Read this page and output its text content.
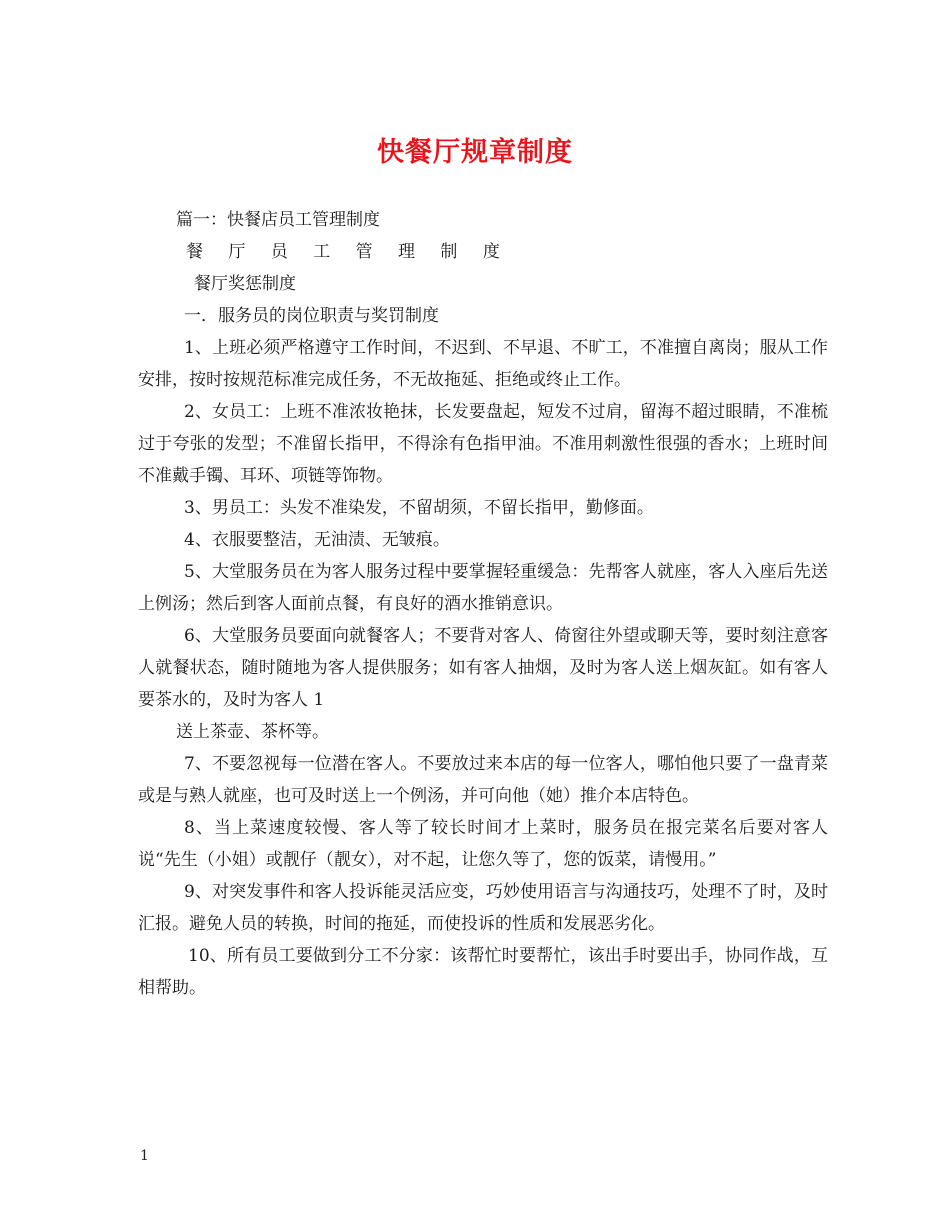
快餐厅规章制度

篇一：快餐店员工管理制度

餐 厅 员 工 管 理 制 度

餐厅奖惩制度

一．服务员的岗位职责与奖罚制度

1、上班必须严格遵守工作时间，不迟到、不早退、不旷工，不准擅自离岗；服从工作安排，按时按规范标准完成任务，不无故拖延、拒绝或终止工作。

2、女员工：上班不准浓妆艳抹，长发要盘起，短发不过肩，留海不超过眼睛，不准梳过于夸张的发型；不准留长指甲，不得涂有色指甲油。不准用刺激性很强的香水；上班时间不准戴手镯、耳环、项链等饰物。

3、男员工：头发不准染发，不留胡须，不留长指甲，勤修面。

4、衣服要整洁，无油渍、无皱痕。

5、大堂服务员在为客人服务过程中要掌握轻重缓急：先帮客人就座，客人入座后先送上例汤；然后到客人面前点餐，有良好的酒水推销意识。

6、大堂服务员要面向就餐客人；不要背对客人、倚窗往外望或聊天等，要时刻注意客人就餐状态，随时随地为客人提供服务；如有客人抽烟，及时为客人送上烟灰缸。如有客人要茶水的，及时为客人 1

送上茶壶、茶杯等。

7、不要忽视每一位潜在客人。不要放过来本店的每一位客人，哪怕他只要了一盘青菜或是与熟人就座，也可及时送上一个例汤，并可向他（她）推介本店特色。

8、当上菜速度较慢、客人等了较长时间才上菜时，服务员在报完菜名后要对客人说“先生（小姐）或靓仔（靓女），对不起，让您久等了，您的饭菜，请慢用。”

9、对突发事件和客人投诉能灵活应变，巧妙使用语言与沟通技巧，处理不了时，及时汇报。避免人员的转换，时间的拖延，而使投诉的性质和发展恶劣化。

10、所有员工要做到分工不分家：该帮忙时要帮忙，该出手时要出手，协同作战，互相帮助。

1
